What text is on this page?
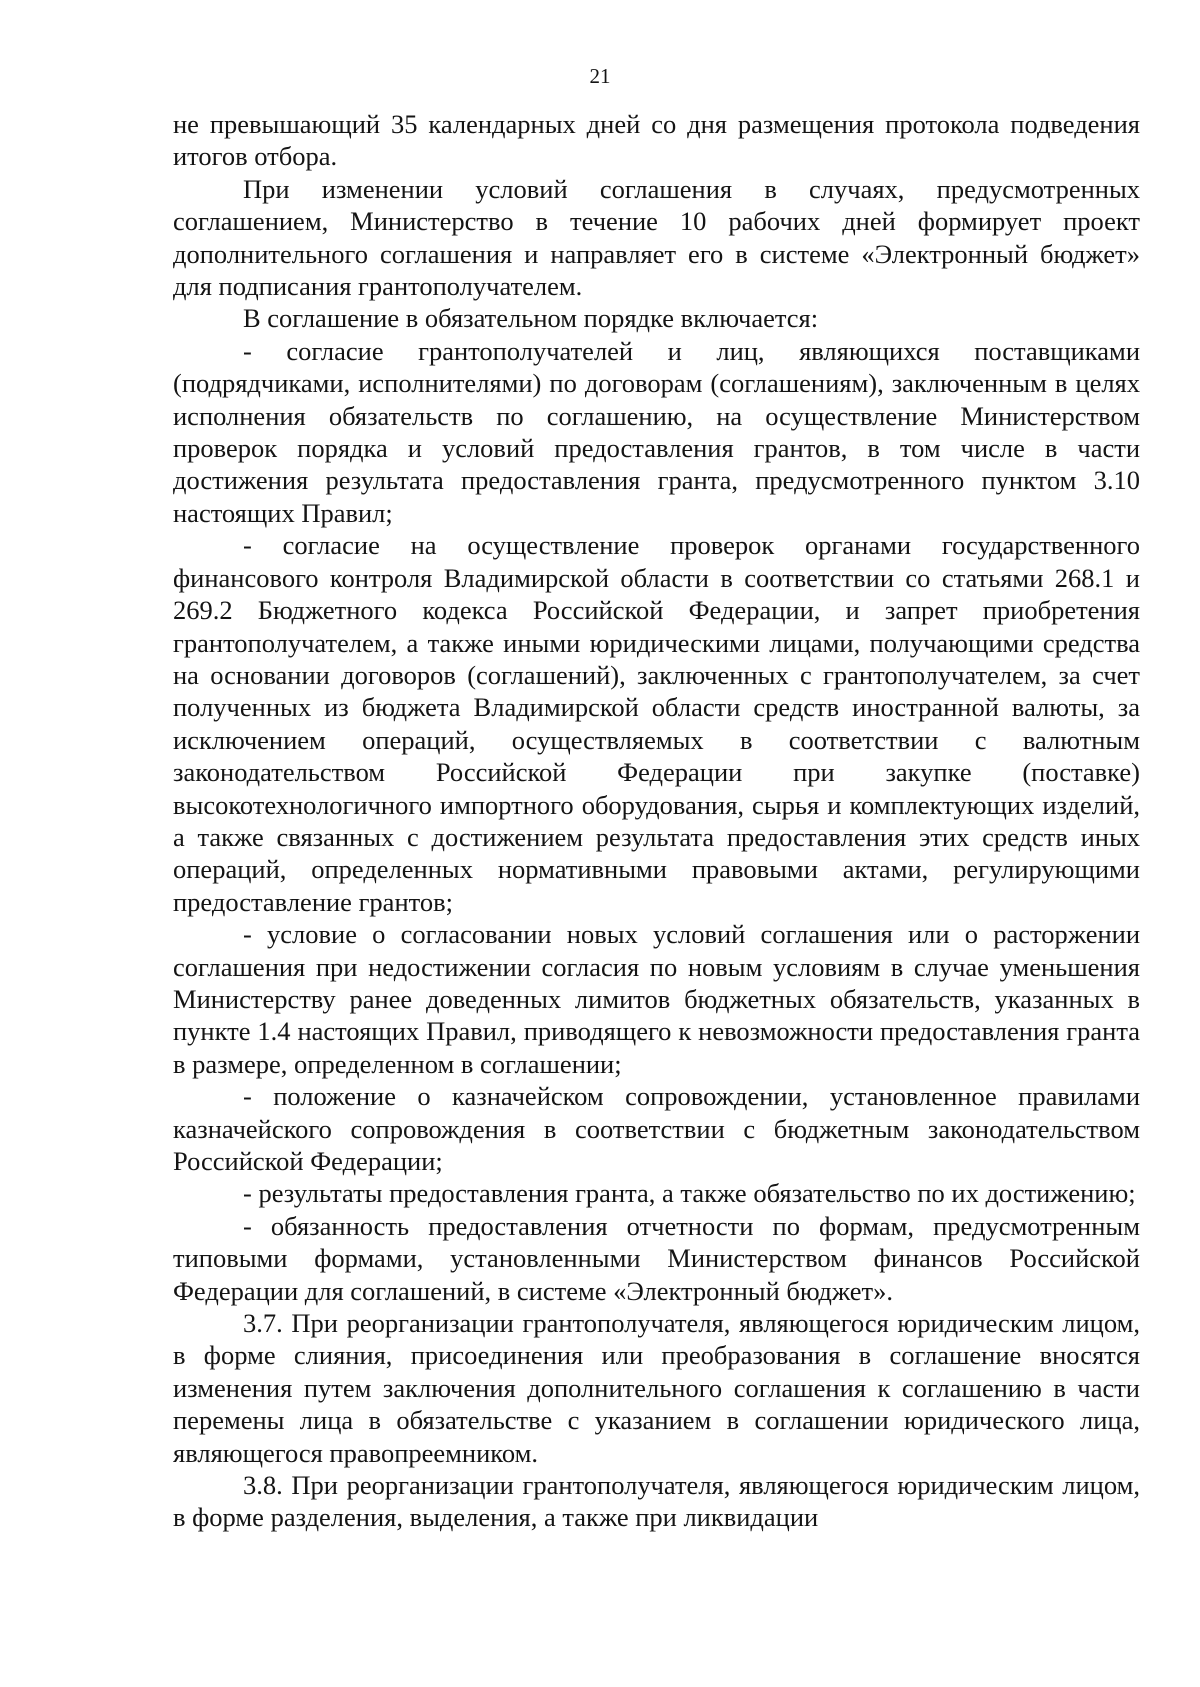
21

не превышающий 35 календарных дней со дня размещения протокола подведения итогов отбора.

При изменении условий соглашения в случаях, предусмотренных соглашением, Министерство в течение 10 рабочих дней формирует проект дополнительного соглашения и направляет его в системе «Электронный бюджет» для подписания грантополучателем.

В соглашение в обязательном порядке включается:

- согласие грантополучателей и лиц, являющихся поставщиками (подрядчиками, исполнителями) по договорам (соглашениям), заключенным в целях исполнения обязательств по соглашению, на осуществление Министерством проверок порядка и условий предоставления грантов, в том числе в части достижения результата предоставления гранта, предусмотренного пунктом 3.10 настоящих Правил;

- согласие на осуществление проверок органами государственного финансового контроля Владимирской области в соответствии со статьями 268.1 и 269.2 Бюджетного кодекса Российской Федерации, и запрет приобретения грантополучателем, а также иными юридическими лицами, получающими средства на основании договоров (соглашений), заключенных с грантополучателем, за счет полученных из бюджета Владимирской области средств иностранной валюты, за исключением операций, осуществляемых в соответствии с валютным законодательством Российской Федерации при закупке (поставке) высокотехнологичного импортного оборудования, сырья и комплектующих изделий, а также связанных с достижением результата предоставления этих средств иных операций, определенных нормативными правовыми актами, регулирующими предоставление грантов;

- условие о согласовании новых условий соглашения или о расторжении соглашения при недостижении согласия по новым условиям в случае уменьшения Министерству ранее доведенных лимитов бюджетных обязательств, указанных в пункте 1.4 настоящих Правил, приводящего к невозможности предоставления гранта в размере, определенном в соглашении;

- положение о казначейском сопровождении, установленное правилами казначейского сопровождения в соответствии с бюджетным законодательством Российской Федерации;

- результаты предоставления гранта, а также обязательство по их достижению;

- обязанность предоставления отчетности по формам, предусмотренным типовыми формами, установленными Министерством финансов Российской Федерации для соглашений, в системе «Электронный бюджет».

3.7. При реорганизации грантополучателя, являющегося юридическим лицом, в форме слияния, присоединения или преобразования в соглашение вносятся изменения путем заключения дополнительного соглашения к соглашению в части перемены лица в обязательстве с указанием в соглашении юридического лица, являющегося правопреемником.

3.8. При реорганизации грантополучателя, являющегося юридическим лицом, в форме разделения, выделения, а также при ликвидации
